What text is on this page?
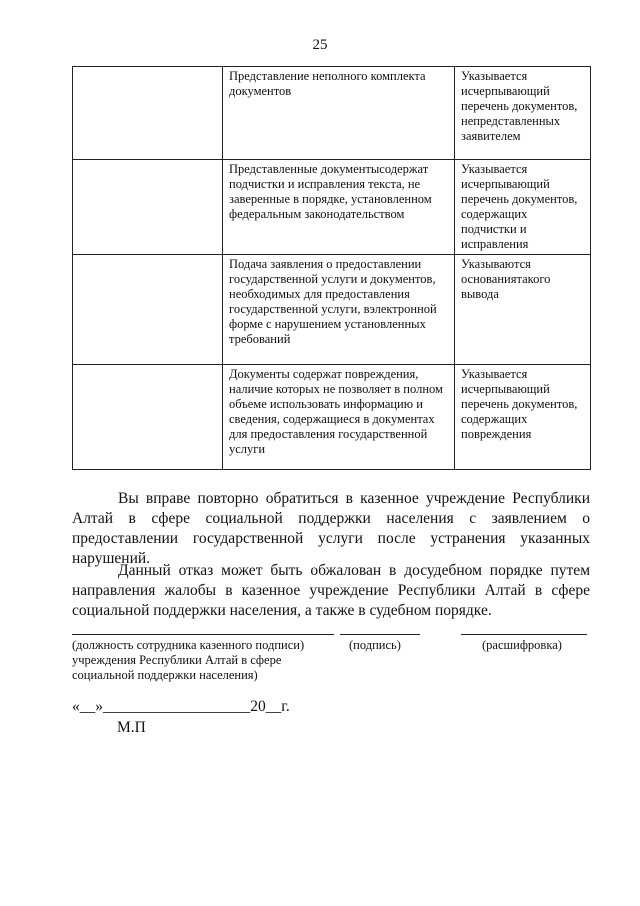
25
	Представление неполного комплекта документов	Указывается исчерпывающий перечень документов, непредставленных заявителем
	Представленные документысодержат подчистки и исправления текста, не заверенные в порядке, установленном федеральным законодательством	Указывается исчерпывающий перечень документов, содержащих подчистки и исправления
	Подача заявления о предоставлении государственной услуги и документов, необходимых для предоставления государственной услуги, вэлектронной форме с нарушением установленных требований	Указываются основаниятакого вывода
	Документы содержат повреждения, наличие которых не позволяет в полном объеме использовать информацию и сведения, содержащиеся в документах для предоставления государственной услуги	Указывается исчерпывающий перечень документов, содержащих повреждения

Вы вправе повторно обратиться в казенное учреждение Республики Алтай в сфере социальной поддержки населения с заявлением о предоставлении государственной услуги после устранения указанных нарушений.

Данный отказ может быть обжалован в досудебном порядке путем направления жалобы в казенное учреждение Республики Алтай в сфере социальной поддержки населения, а также в судебном порядке.

(должность сотрудника казенного подписи) учреждения Республики Алтай в сфере социальной поддержки населения)
(подпись)	(расшифровка)
«__»___________________20__г.
М.П
